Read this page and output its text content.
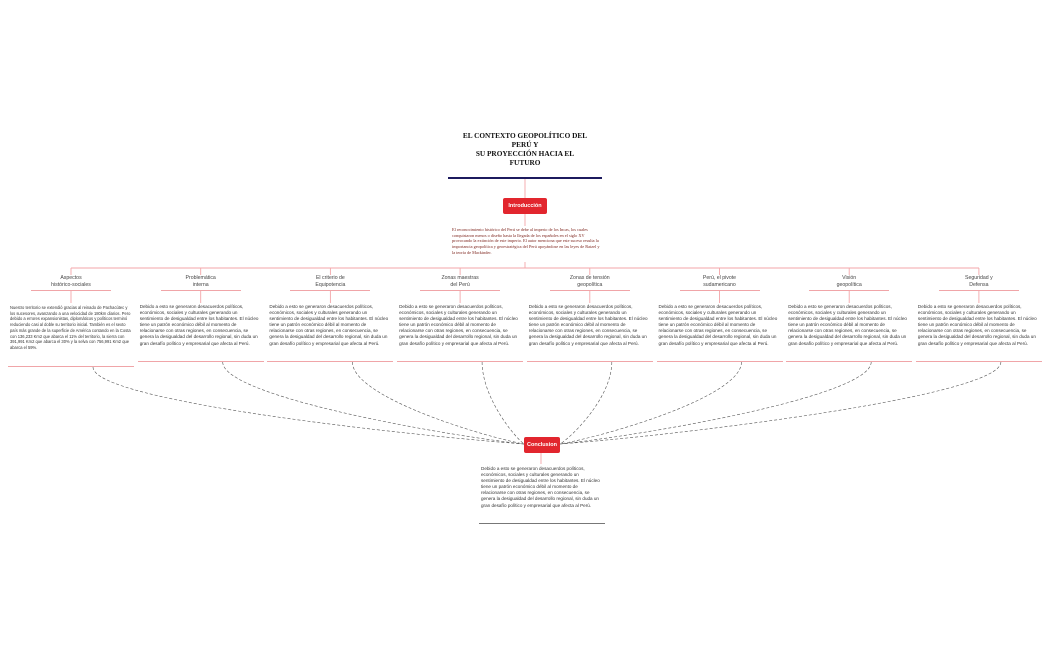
EL CONTEXTO GEOPOLÍTICO DEL
PERÚ Y
SU PROYECCIÓN HACIA EL
FUTURO
Introducción
El reconocimiento histórico del Perú se debe al imperio de los Incas, los cuales conquistaron menos o diseño hasta la llegada de los españoles en el siglo XV provocando la extinción de este imperio. El autor menciona que este suceso resulta la importancia geopolítica y geoestratégica del Perú apoyándose en las leyes de Ratzel y la teoría de Mackinder.
Aspectos
histórico-sociales
Nuestro territorio se extendió gracias al reinado de Pachacútec y los sucesores, avanzando a una velocidad de 180km diarios. Pero debido a errores expansionistas, diplomáticos y políticos terminó reduciendo casi al doble su territorio inicial. También es el sexto país más grande de la superficie de América contando en la Costa con 136,233 Km2 que abarca el 11% del territorio, la sierra con 391,991 Km2 que abarca el 30% y la selva con 756,991 Km2 que abarca el 59%.
Problemática
interna
Debido a esto se generaron desacuerdos políticos, económicos, sociales y culturales generando un sentimiento de desigualdad entre los habitantes. El núcleo tiene un patrón económico débil al momento de relacionarse con otras regiones, en consecuencia, se genera la desigualdad del desarrollo regional, sin duda un gran desafío político y empresarial que afecta al Perú.
El criterio de
Equipotencia
Debido a esto se generaron desacuerdos políticos, económicos, sociales y culturales generando un sentimiento de desigualdad entre los habitantes. El núcleo tiene un patrón económico débil al momento de relacionarse con otras regiones, en consecuencia, se genera la desigualdad del desarrollo regional, sin duda un gran desafío político y empresarial que afecta al Perú.
Zonas maestras
del Perú
Debido a esto se generaron desacuerdos políticos, económicos, sociales y culturales generando un sentimiento de desigualdad entre los habitantes. El núcleo tiene un patrón económico débil al momento de relacionarse con otras regiones, en consecuencia, se genera la desigualdad del desarrollo regional, sin duda un gran desafío político y empresarial que afecta al Perú.
Zonas de tensión
geopolítica
Debido a esto se generaron desacuerdos políticos, económicos, sociales y culturales generando un sentimiento de desigualdad entre los habitantes. El núcleo tiene un patrón económico débil al momento de relacionarse con otras regiones, en consecuencia, se genera la desigualdad del desarrollo regional, sin duda un gran desafío político y empresarial que afecta al Perú.
Perú, el pivote
sudamericano
Debido a esto se generaron desacuerdos políticos, económicos, sociales y culturales generando un sentimiento de desigualdad entre los habitantes. El núcleo tiene un patrón económico débil al momento de relacionarse con otras regiones, en consecuencia, se genera la desigualdad del desarrollo regional, sin duda un gran desafío político y empresarial que afecta al Perú.
Visión
geopolítica
Debido a esto se generaron desacuerdos políticos, económicos, sociales y culturales generando un sentimiento de desigualdad entre los habitantes. El núcleo tiene un patrón económico débil al momento de relacionarse con otras regiones, en consecuencia, se genera la desigualdad del desarrollo regional, sin duda un gran desafío político y empresarial que afecta al Perú.
Seguridad y
Defensa
Debido a esto se generaron desacuerdos políticos, económicos, sociales y culturales generando un sentimiento de desigualdad entre los habitantes. El núcleo tiene un patrón económico débil al momento de relacionarse con otras regiones, en consecuencia, se genera la desigualdad del desarrollo regional, sin duda un gran desafío político y empresarial que afecta al Perú.
Conclusion
Debido a esto se generaron desacuerdos políticos, económicos, sociales y culturales generando un sentimiento de desigualdad entre los habitantes. El núcleo tiene un patrón económico débil al momento de relacionarse con otras regiones, en consecuencia, se genera la desigualdad del desarrollo regional, sin duda un gran desafío político y empresarial que afecta al Perú.
